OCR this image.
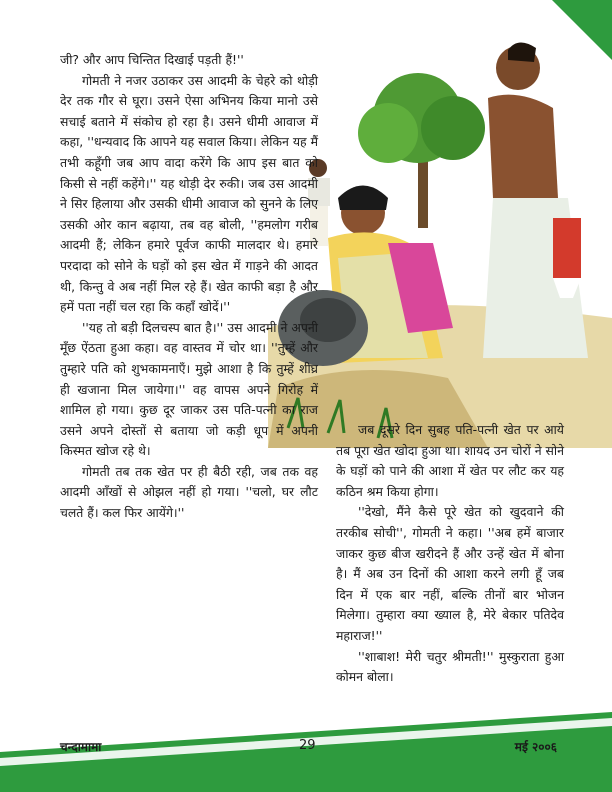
जी? और आप चिन्तित दिखाई पड़ती हैं!''

गोमती ने नजर उठाकर उस आदमी के चेहरे को थोड़ी देर तक गौर से घूरा। उसने ऐसा अभिनय किया मानो उसे सचाई बताने में संकोच हो रहा है। उसने धीमी आवाज में कहा, ''धन्यवाद कि आपने यह सवाल किया। लेकिन यह मैं तभी कहूँगी जब आप वादा करेंगे कि आप इस बात को किसी से नहीं कहेंगे।'' यह थोड़ी देर रुकी। जब उस आदमी ने सिर हिलाया और उसकी धीमी आवाज को सुनने के लिए उसकी ओर कान बढ़ाया, तब वह बोली, ''हमलोग गरीब आदमी हैं; लेकिन हमारे पूर्वज काफी मालदार थे। हमारे परदादा को सोने के घड़ों को इस खेत में गाड़ने की आदत थी, किन्तु वे अब नहीं मिल रहे हैं। खेत काफी बड़ा है और हमें पता नहीं चल रहा कि कहाँ खोदें।''

''यह तो बड़ी दिलचस्प बात है।'' उस आदमी ने अपनी मूँछ ऐंठता हुआ कहा। वह वास्तव में चोर था। ''तुम्हें और तुम्हारे पति को शुभकामनाएँ। मुझे आशा है कि तुम्हें शीघ्र ही खजाना मिल जायेगा।'' वह वापस अपने गिरोह में शामिल हो गया। कुछ दूर जाकर उस पति-पत्नी का राज उसने अपने दोस्तों से बताया जो कड़ी धूप में अपनी किस्मत खोज रहे थे।

गोमती तब तक खेत पर ही बैठी रही, जब तक वह आदमी आँखों से ओझल नहीं हो गया। ''चलो, घर लौट चलते हैं। कल फिर आयेंगे।''

जब दूसरे दिन सुबह पति-पत्नी खेत पर आये तब पूरा खेत खोदा हुआ था। शायद उन चोरों ने सोने के घड़ों को पाने की आशा में खेत पर लौट कर यह कठिन श्रम किया होगा।

''देखो, मैंने कैसे पूरे खेत को खुदवाने की तरकीब सोची'', गोमती ने कहा। ''अब हमें बाजार जाकर कुछ बीज खरीदने हैं और उन्हें खेत में बोना है। मैं अब उन दिनों की आशा करने लगी हूँ जब दिन में एक बार नहीं, बल्कि तीनों बार भोजन मिलेगा। तुम्हारा क्या ख्याल है, मेरे बेकार पतिदेव महाराज!''

''शाबाश! मेरी चतुर श्रीमती!'' मुस्कुराता हुआ कोमन बोला।

चन्दामामा	29	मई २००६
